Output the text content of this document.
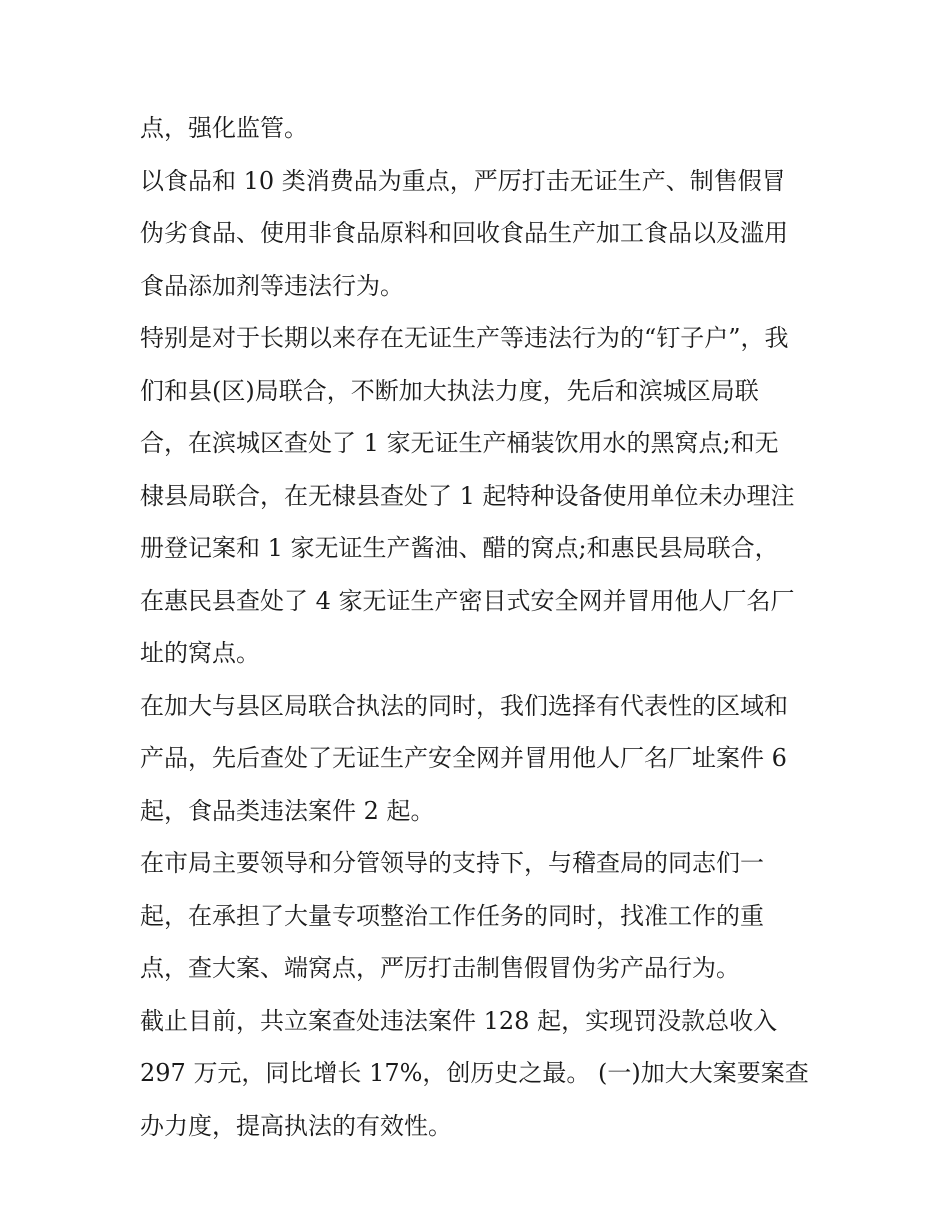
点，强化监管。
以食品和 10 类消费品为重点，严厉打击无证生产、制售假冒
伪劣食品、使用非食品原料和回收食品生产加工食品以及滥用
食品添加剂等违法行为。
特别是对于长期以来存在无证生产等违法行为的“钉子户”，我
们和县(区)局联合，不断加大执法力度，先后和滨城区局联
合，在滨城区查处了 1 家无证生产桶装饮用水的黑窝点;和无
棣县局联合，在无棣县查处了 1 起特种设备使用单位未办理注
册登记案和 1 家无证生产酱油、醋的窝点;和惠民县局联合，
在惠民县查处了 4 家无证生产密目式安全网并冒用他人厂名厂
址的窝点。
在加大与县区局联合执法的同时，我们选择有代表性的区域和
产品，先后查处了无证生产安全网并冒用他人厂名厂址案件 6
起，食品类违法案件 2 起。
在市局主要领导和分管领导的支持下，与稽查局的同志们一
起，在承担了大量专项整治工作任务的同时，找准工作的重
点，查大案、端窝点，严厉打击制售假冒伪劣产品行为。
截止目前，共立案查处违法案件 128 起，实现罚没款总收入
297 万元，同比增长 17%，创历史之最。 (一)加大大案要案查
办力度，提高执法的有效性。
